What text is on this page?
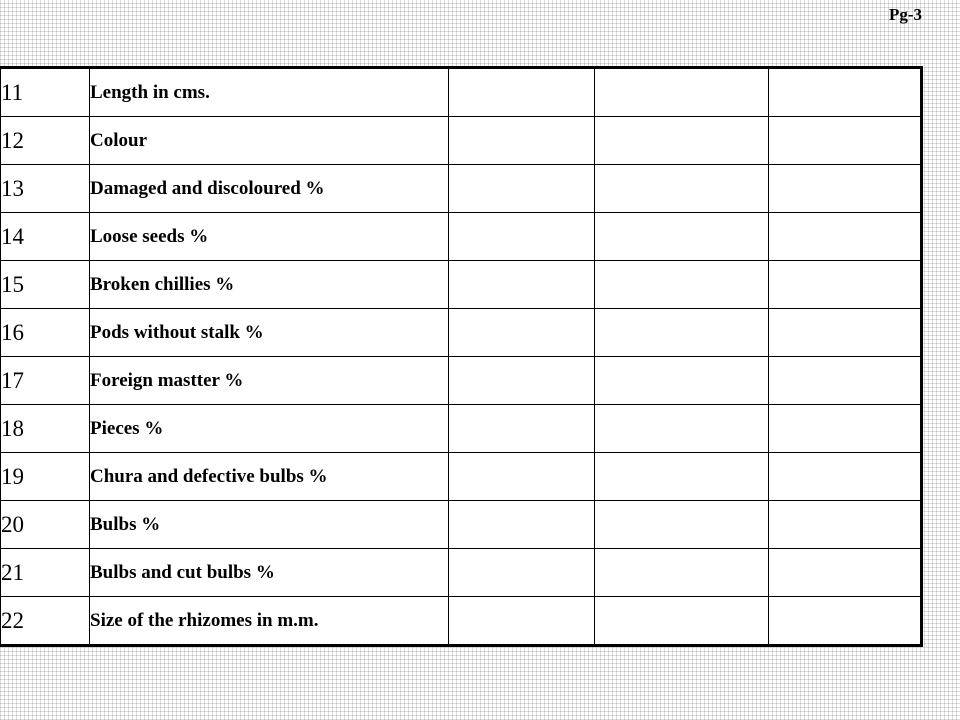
Pg-3
11	Length in cms.			
12	Colour			
13	Damaged and discoloured %			
14	Loose seeds %			
15	Broken chillies %			
16	Pods without stalk %			
17	Foreign mastter %			
18	Pieces %			
19	Chura and defective bulbs %			
20	Bulbs %			
21	Bulbs and cut bulbs %			
22	Size of the rhizomes in m.m.			
